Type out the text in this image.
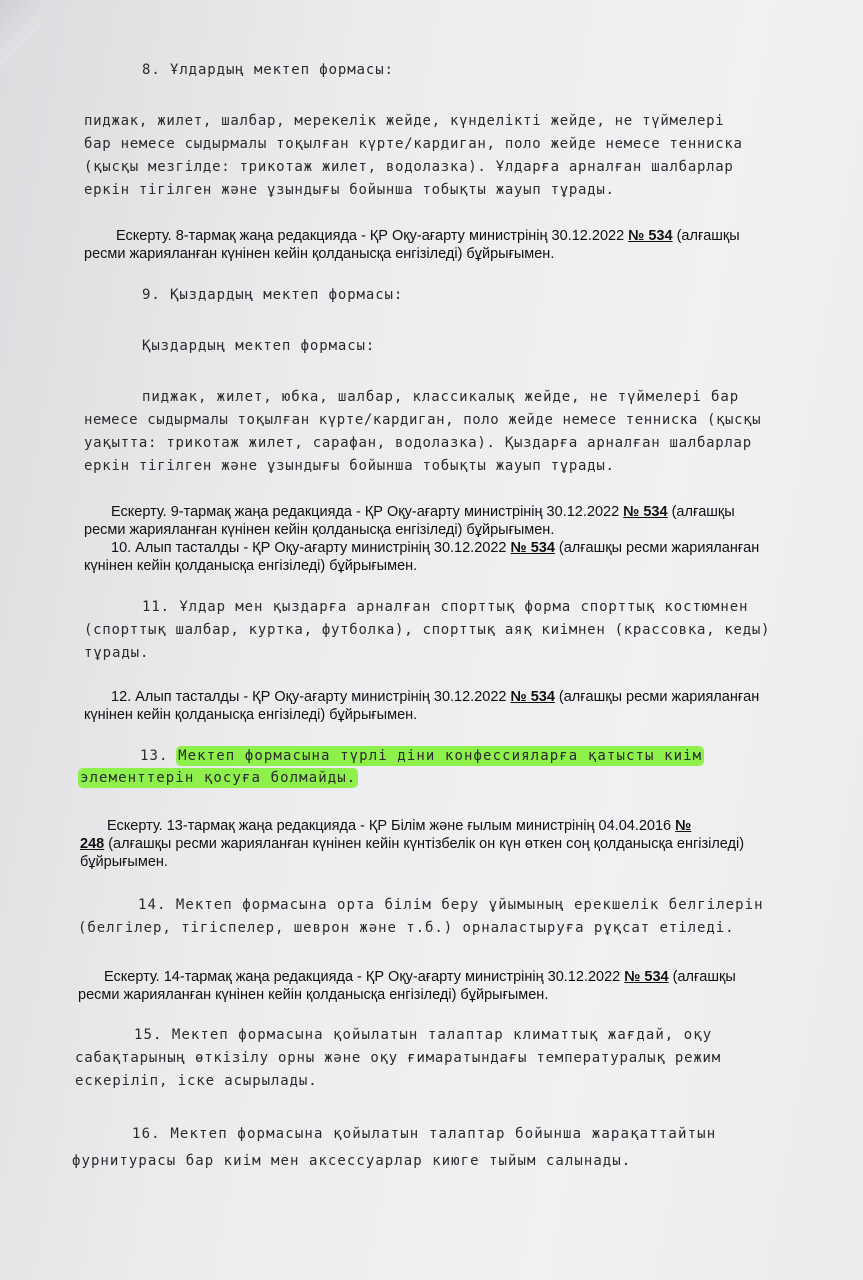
8. Ұлдардың мектеп формасы:
пиджак, жилет, шалбар, мерекелік жейде, күнделікті жейде, не түймелері
бар немесе сыдырмалы тоқылған күрте/кардиган, поло жейде немесе тенниска
(қысқы мезгілде: трикотаж жилет, водолазка). Ұлдарға арналған шалбарлар
еркін тігілген және ұзындығы бойынша тобықты жауып тұрады.
Ескерту. 8-тармақ жаңа редакцияда - ҚР Оқу-ағарту министрінің 30.12.2022 № 534 (алғашқы
ресми жарияланған күнінен кейін қолданысқа енгізіледі) бұйрығымен.
9. Қыздардың мектеп формасы:
Қыздардың мектеп формасы:
пиджак, жилет, юбка, шалбар, классикалық жейде, не түймелері бар
немесе сыдырмалы тоқылған күрте/кардиган, поло жейде немесе тенниска (қысқы
уақытта: трикотаж жилет, сарафан, водолазка). Қыздарға арналған шалбарлар
еркін тігілген және ұзындығы бойынша тобықты жауып тұрады.
Ескерту. 9-тармақ жаңа редакцияда - ҚР Оқу-ағарту министрінің 30.12.2022 № 534 (алғашқы
ресми жарияланған күнінен кейін қолданысқа енгізіледі) бұйрығымен.
10. Алып тасталды - ҚР Оқу-ағарту министрінің 30.12.2022 № 534 (алғашқы ресми жарияланған
күнінен кейін қолданысқа енгізіледі) бұйрығымен.
11. Ұлдар мен қыздарға арналған спорттық форма спорттық костюмнен
(спорттық шалбар, куртка, футболка), спорттық аяқ киімнен (крассовка, кеды)
тұрады.
12. Алып тасталды - ҚР Оқу-ағарту министрінің 30.12.2022 № 534 (алғашқы ресми жарияланған
күнінен кейін қолданысқа енгізіледі) бұйрығымен.
13. Мектеп формасына түрлі діни конфессияларға қатысты киім
элементтерін қосуға болмайды.
Ескерту. 13-тармақ жаңа редакцияда - ҚР Білім және ғылым министрінің 04.04.2016 №
248 (алғашқы ресми жарияланған күнінен кейін күнтізбелік он күн өткен соң қолданысқа енгізіледі)
бұйрығымен.
14. Мектеп формасына орта білім беру ұйымының ерекшелік белгілерін
(белгілер, тігіспелер, шеврон және т.б.) орналастыруға рұқсат етіледі.
Ескерту. 14-тармақ жаңа редакцияда - ҚР Оқу-ағарту министрінің 30.12.2022 № 534 (алғашқы
ресми жарияланған күнінен кейін қолданысқа енгізіледі) бұйрығымен.
15. Мектеп формасына қойылатын талаптар климаттық жағдай, оқу
сабақтарының өткізілу орны және оқу ғимаратындағы температуралық режим
ескеріліп, іске асырылады.
16. Мектеп формасына қойылатын талаптар бойынша жарақаттайтын
фурнитурасы бар киім мен аксессуарлар киюге тыйым салынады.
